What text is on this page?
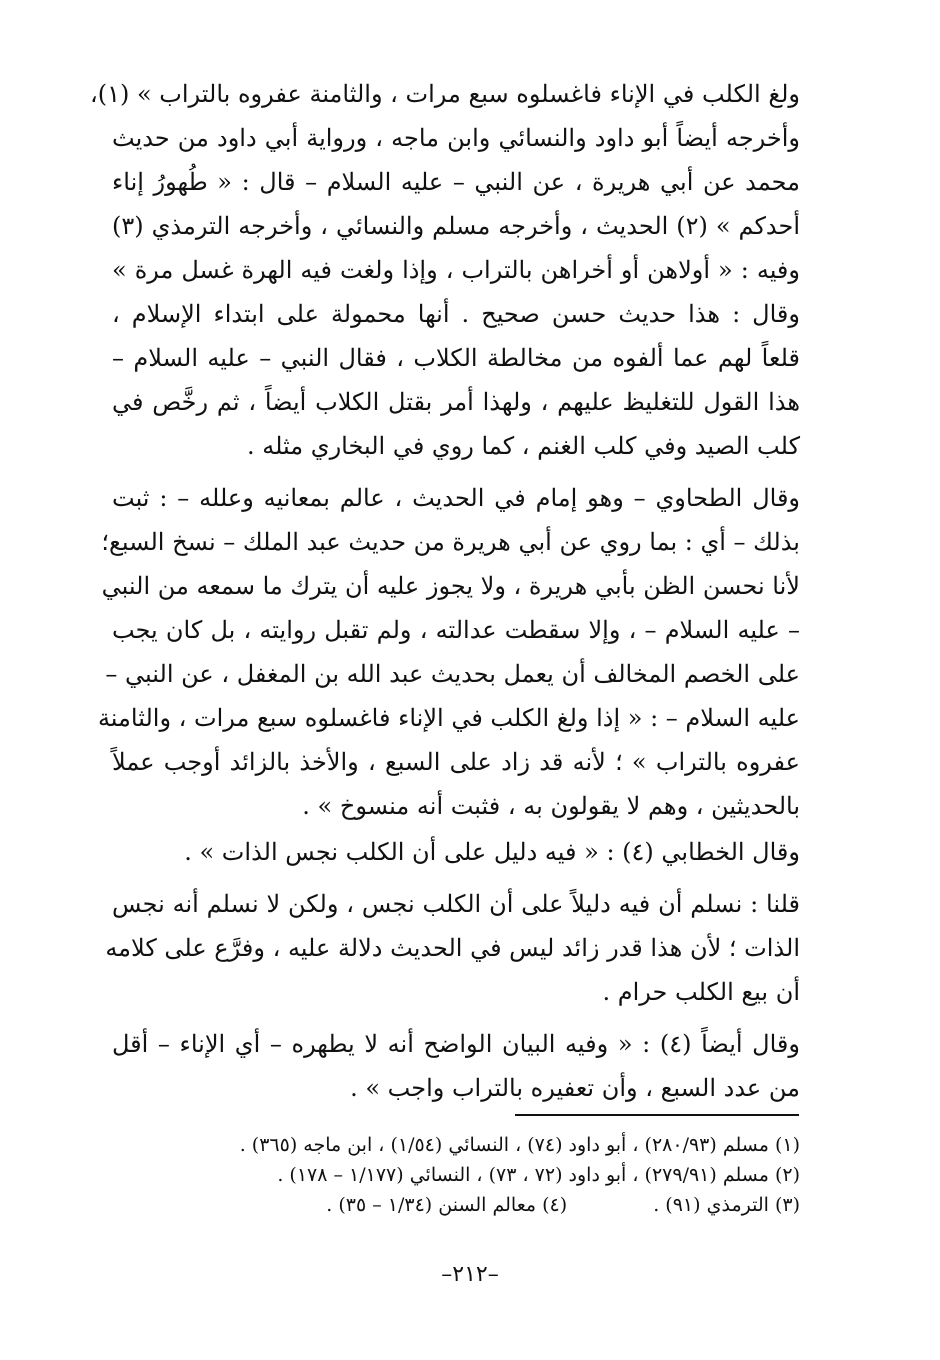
ولغ الكلب في الإناء فاغسلوه سبع مرات ، والثامنة عفروه بالتراب » (١)،
وأخرجه أيضاً أبو داود والنسائي وابن ماجه ، ورواية أبي داود من حديث
محمد عن أبي هريرة ، عن النبي – عليه السلام – قال : « طُهورُ إناء
أحدكم » (٢) الحديث ، وأخرجه مسلم والنسائي ، وأخرجه الترمذي (٣)
وفيه : « أولاهن أو أخراهن بالتراب ، وإذا ولغت فيه الهرة غسل مرة »
وقال : هذا حديث حسن صحيح . أنها محمولة على ابتداء الإسلام ،
قلعاً لهم عما ألفوه من مخالطة الكلاب ، فقال النبي – عليه السلام –
هذا القول للتغليظ عليهم ، ولهذا أمر بقتل الكلاب أيضاً ، ثم رخَّص في
كلب الصيد وفي كلب الغنم ، كما روي في البخاري مثله .
وقال الطحاوي – وهو إمام في الحديث ، عالم بمعانيه وعلله – : ثبت
بذلك – أي : بما روي عن أبي هريرة من حديث عبد الملك – نسخ السبع؛
لأنا نحسن الظن بأبي هريرة ، ولا يجوز عليه أن يترك ما سمعه من النبي
– عليه السلام – ، وإلا سقطت عدالته ، ولم تقبل روايته ، بل كان يجب
على الخصم المخالف أن يعمل بحديث عبد الله بن المغفل ، عن النبي –
عليه السلام – : « إذا ولغ الكلب في الإناء فاغسلوه سبع مرات ، والثامنة
عفروه بالتراب » ؛ لأنه قد زاد على السبع ، والأخذ بالزائد أوجب عملاً
بالحديثين ، وهم لا يقولون به ، فثبت أنه منسوخ » .
وقال الخطابي (٤) : « فيه دليل على أن الكلب نجس الذات » .
قلنا : نسلم أن فيه دليلاً على أن الكلب نجس ، ولكن لا نسلم أنه نجس
الذات ؛ لأن هذا قدر زائد ليس في الحديث دلالة عليه ، وفرَّع على كلامه
أن بيع الكلب حرام .
وقال أيضاً (٤) : « وفيه البيان الواضح أنه لا يطهره – أي الإناء – أقل
من عدد السبع ، وأن تعفيره بالتراب واجب » .
(١) مسلم (٢٨٠/٩٣) ، أبو داود (٧٤) ، النسائي (١/٥٤) ، ابن ماجه (٣٦٥) .
(٢) مسلم (٢٧٩/٩١) ، أبو داود (٧٢ ، ٧٣) ، النسائي (١/١٧٧ – ١٧٨) .
(٣) الترمذي (٩١) . (٤) معالم السنن (١/٣٤ – ٣٥) .
–٢١٢–
